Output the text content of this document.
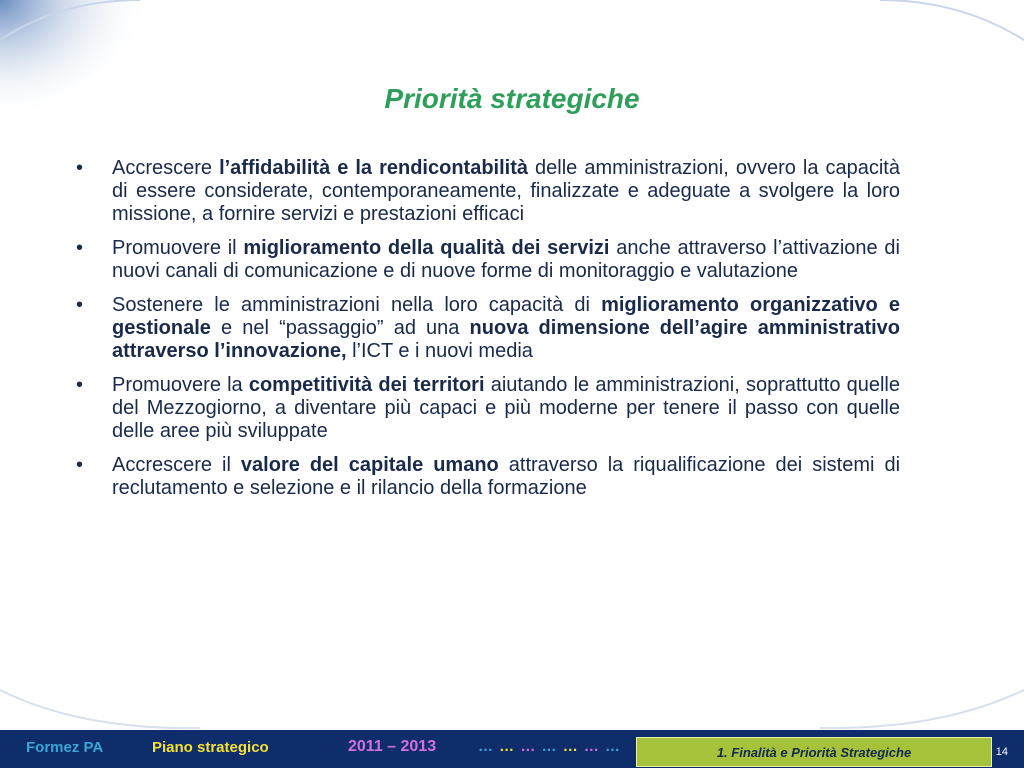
Priorità strategiche
• Accrescere l’affidabilità e la rendicontabilità delle amministrazioni, ovvero la capacità di essere considerate, contemporaneamente, finalizzate e adeguate a svolgere la loro missione, a fornire servizi e prestazioni efficaci
• Promuovere il miglioramento della qualità dei servizi anche attraverso l’attivazione di nuovi canali di comunicazione e di nuove forme di monitoraggio e valutazione
• Sostenere le amministrazioni nella loro capacità di miglioramento organizzativo e gestionale e nel “passaggio” ad una nuova dimensione dell’agire amministrativo attraverso l’innovazione, l’ICT e i nuovi media
• Promuovere la competitività dei territori aiutando le amministrazioni, soprattutto quelle del Mezzogiorno, a diventare più capaci e più moderne per tenere il passo con quelle delle aree più sviluppate
• Accrescere il valore del capitale umano attraverso la riqualificazione dei sistemi di reclutamento e selezione e il rilancio della formazione
Formez PA	Piano strategico	2011 – 2013	… … … … … … …	1. Finalità e Priorità Strategiche	14
